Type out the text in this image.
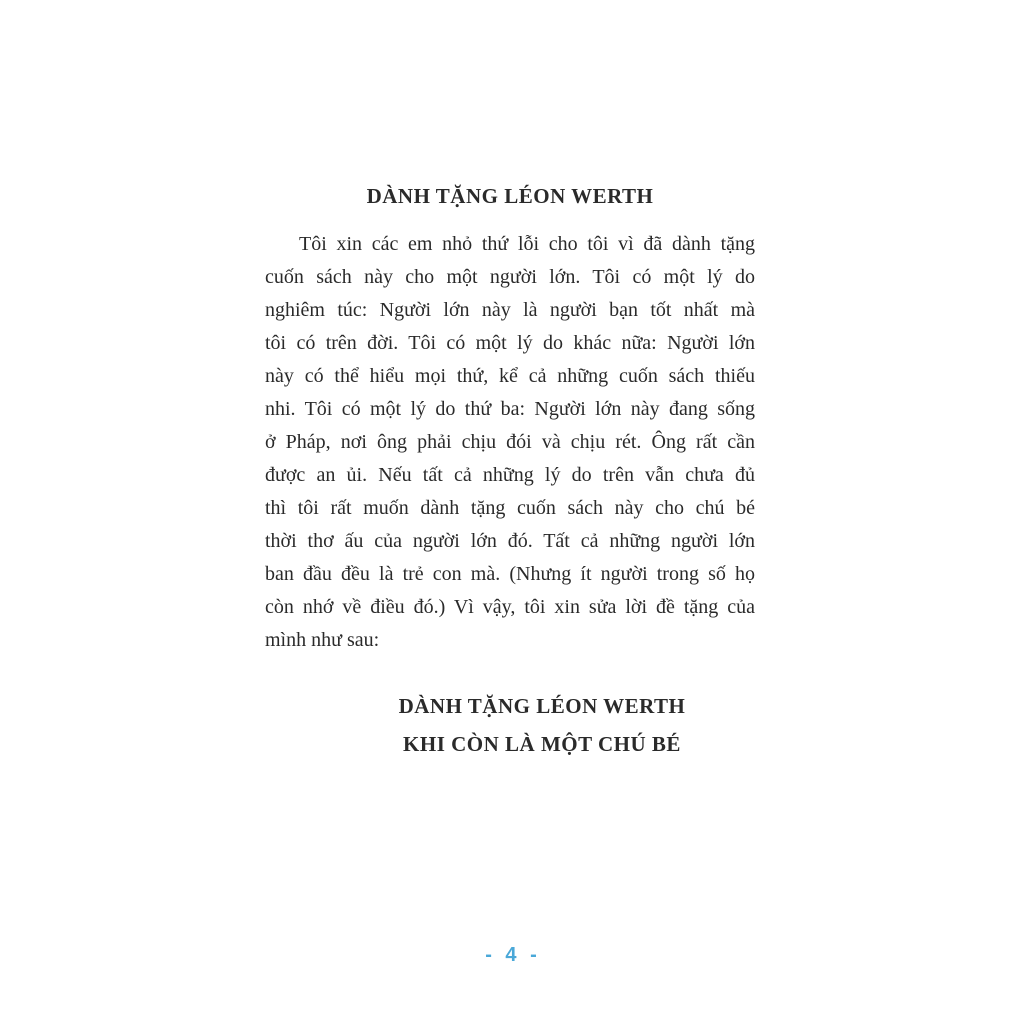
DÀNH TẶNG LÉON WERTH
Tôi xin các em nhỏ thứ lỗi cho tôi vì đã dành tặng
cuốn sách này cho một người lớn. Tôi có một lý do
nghiêm túc: Người lớn này là người bạn tốt nhất mà
tôi có trên đời. Tôi có một lý do khác nữa: Người lớn
này có thể hiểu mọi thứ, kể cả những cuốn sách thiếu
nhi. Tôi có một lý do thứ ba: Người lớn này đang sống
ở Pháp, nơi ông phải chịu đói và chịu rét. Ông rất cần
được an ủi. Nếu tất cả những lý do trên vẫn chưa đủ
thì tôi rất muốn dành tặng cuốn sách này cho chú bé
thời thơ ấu của người lớn đó. Tất cả những người lớn
ban đầu đều là trẻ con mà. (Nhưng ít người trong số họ
còn nhớ về điều đó.) Vì vậy, tôi xin sửa lời đề tặng của
mình như sau:
DÀNH TẶNG LÉON WERTH
KHI CÒN LÀ MỘT CHÚ BÉ
- 4 -
